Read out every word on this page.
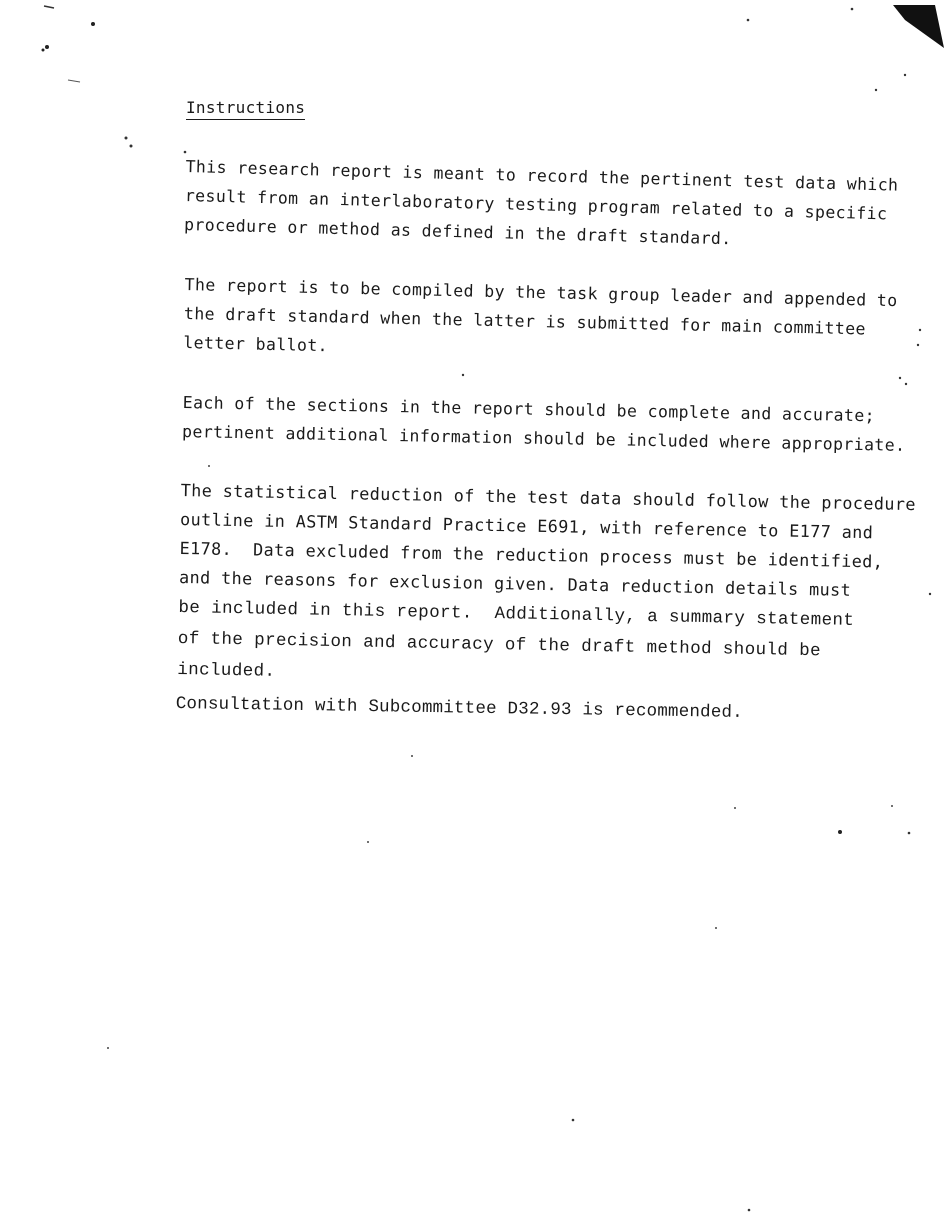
Instructions

This research report is meant to record the pertinent test data which
result from an interlaboratory testing program related to a specific
procedure or method as defined in the draft standard.

The report is to be compiled by the task group leader and appended to
the draft standard when the latter is submitted for main committee
letter ballot.

Each of the sections in the report should be complete and accurate;
pertinent additional information should be included where appropriate.

The statistical reduction of the test data should follow the procedure
outline in ASTM Standard Practice E691, with reference to E177 and
E178.  Data excluded from the reduction process must be identified,
and the reasons for exclusion given. Data reduction details must
be included in this report.  Additionally, a summary statement
of the precision and accuracy of the draft method should be
included.

Consultation with Subcommittee D32.93 is recommended.
